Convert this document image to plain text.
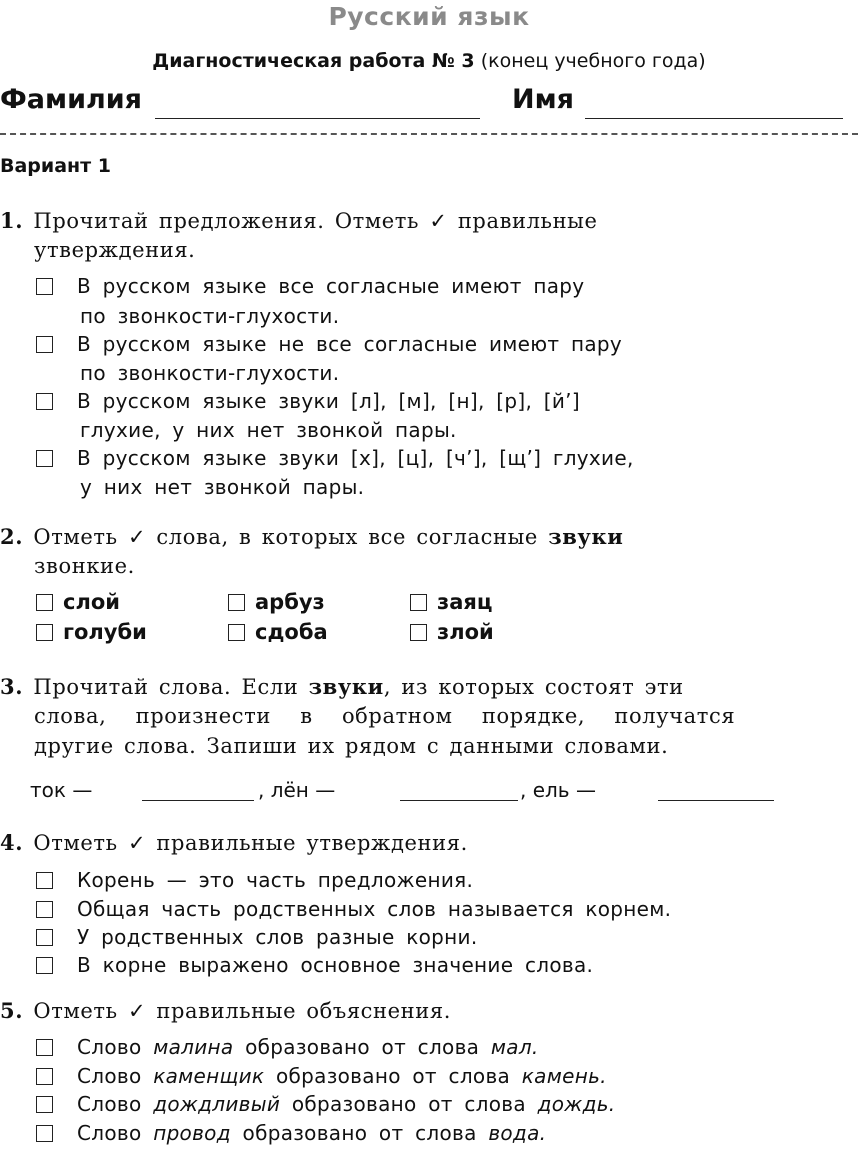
Русский язык
Диагностическая работа № 3 (конец учебного года)
Фамилия	Имя
Вариант 1
1. Прочитай предложения. Отметь ✓ правильные
утверждения.
В русском языке все согласные имеют пару
по звонкости-глухости.
В русском языке не все согласные имеют пару
по звонкости-глухости.
В русском языке звуки [л], [м], [н], [р], [й’]
глухие, у них нет звонкой пары.
В русском языке звуки [х], [ц], [ч’], [щ’] глухие,
у них нет звонкой пары.
2. Отметь ✓ слова, в которых все согласные звуки
звонкие.
слой	арбуз	заяц
голуби	сдоба	злой
3. Прочитай слова. Если звуки, из которых состоят эти
слова, произнести в обратном порядке, получатся
другие слова. Запиши их рядом с данными словами.
ток —	, лён —	, ель —
4. Отметь ✓ правильные утверждения.
Корень — это часть предложения.
Общая часть родственных слов называется корнем.
У родственных слов разные корни.
В корне выражено основное значение слова.
5. Отметь ✓ правильные объяснения.
Слово малина образовано от слова мал.
Слово каменщик образовано от слова камень.
Слово дождливый образовано от слова дождь.
Слово провод образовано от слова вода.
